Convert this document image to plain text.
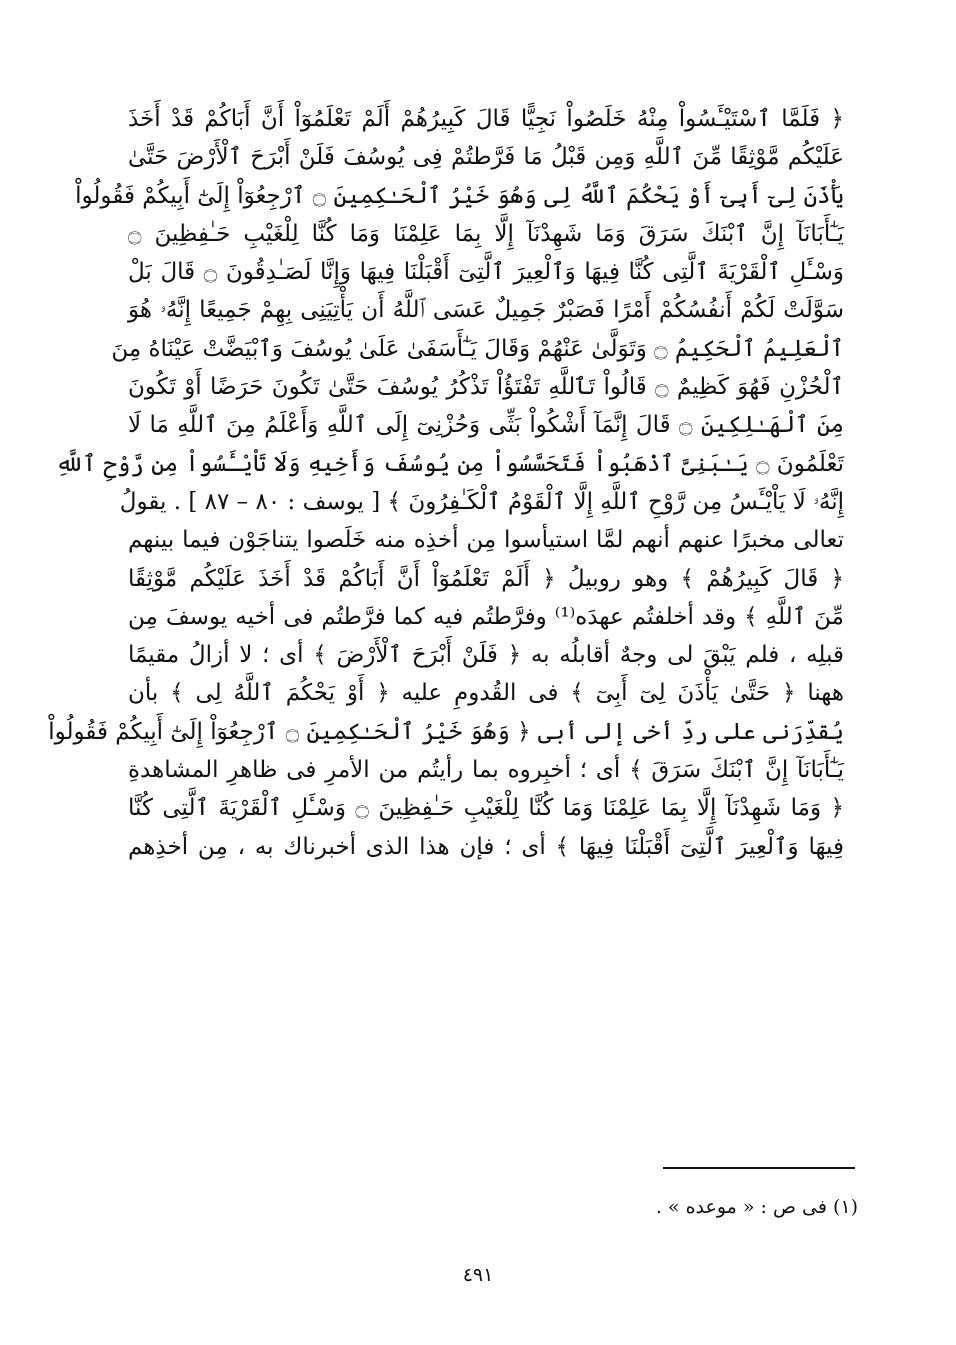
﴿ فَلَمَّا ٱسْتَيْـَٔسُواْ مِنْهُ خَلَصُواْ نَجِيًّا قَالَ كَبِيرُهُمْ أَلَمْ تَعْلَمُوٓاْ أَنَّ أَبَاكُمْ قَدْ أَخَذَ
عَلَيْكُم مَّوْثِقًا مِّنَ ٱللَّهِ وَمِن قَبْلُ مَا فَرَّطتُمْ فِى يُوسُفَ فَلَنْ أَبْرَحَ ٱلْأَرْضَ حَتَّىٰ
يَأْذَنَ لِىٓ أَبِىٓ أَوْ يَحْكُمَ ٱللَّهُ لِى وَهُوَ خَيْرُ ٱلْحَـٰكِمِينَ ۝ ٱرْجِعُوٓاْ إِلَىٰٓ أَبِيكُمْ فَقُولُواْ
يَـٰٓأَبَانَآ إِنَّ ٱبْنَكَ سَرَقَ وَمَا شَهِدْنَآ إِلَّا بِمَا عَلِمْنَا وَمَا كُنَّا لِلْغَيْبِ حَـٰفِظِينَ ۝
وَسْـَٔلِ ٱلْقَرْيَةَ ٱلَّتِى كُنَّا فِيهَا وَٱلْعِيرَ ٱلَّتِىٓ أَقْبَلْنَا فِيهَا وَإِنَّا لَصَـٰدِقُونَ ۝ قَالَ بَلْ
سَوَّلَتْ لَكُمْ أَنفُسُكُمْ أَمْرًا فَصَبْرٌ جَمِيلٌ عَسَى ٱللَّهُ أَن يَأْتِيَنِى بِهِمْ جَمِيعًا إِنَّهُۥ هُوَ
ٱلْعَلِيمُ ٱلْحَكِيمُ ۝ وَتَوَلَّىٰ عَنْهُمْ وَقَالَ يَـٰٓأَسَفَىٰ عَلَىٰ يُوسُفَ وَٱبْيَضَّتْ عَيْنَاهُ مِنَ
ٱلْحُزْنِ فَهُوَ كَظِيمٌ ۝ قَالُواْ تَٱللَّهِ تَفْتَؤُاْ تَذْكُرُ يُوسُفَ حَتَّىٰ تَكُونَ حَرَضًا أَوْ تَكُونَ
مِنَ ٱلْهَـٰلِكِينَ ۝ قَالَ إِنَّمَآ أَشْكُواْ بَثِّى وَحُزْنِىٓ إِلَى ٱللَّهِ وَأَعْلَمُ مِنَ ٱللَّهِ مَا لَا
تَعْلَمُونَ ۝ يَـٰبَنِىَّ ٱذْهَبُواْ فَتَحَسَّسُواْ مِن يُوسُفَ وَأَخِيهِ وَلَا تَاْيْـَٔسُواْ مِن رَّوْحِ ٱللَّهِ
إِنَّهُۥ لَا يَاْيْـَٔسُ مِن رَّوْحِ ٱللَّهِ إِلَّا ٱلْقَوْمُ ٱلْكَـٰفِرُونَ ﴾ [ يوسف : ٨٠ – ٨٧ ] . يقولُ
تعالى مخبرًا عنهم أنهم لمَّا استيأسوا مِن أخذِه منه خَلَصوا يتناجَوْن فيما بينهم
﴿ قَالَ كَبِيرُهُمْ ﴾ وهو روبيلُ ﴿ أَلَمْ تَعْلَمُوٓاْ أَنَّ أَبَاكُمْ قَدْ أَخَذَ عَلَيْكُم مَّوْثِقًا
مِّنَ ٱللَّهِ ﴾ وقد أخلفتُم عهدَه⁽¹⁾ وفرَّطتُم فيه كما فرَّطتُم فى أخيه يوسفَ مِن
قبلِه ، فلم يَبْقَ لى وجهٌ أقابلُه به ﴿ فَلَنْ أَبْرَحَ ٱلْأَرْضَ ﴾ أى ؛ لا أزالُ مقيمًا
ههنا ﴿ حَتَّىٰ يَأْذَنَ لِىٓ أَبِىٓ ﴾ فى القُدومِ عليه ﴿ أَوْ يَحْكُمَ ٱللَّهُ لِى ﴾ بأن
يُقدِّرَنى على ردِّ أخى إلى أبى ﴿ وَهُوَ خَيْرُ ٱلْحَـٰكِمِينَ ۝ ٱرْجِعُوٓاْ إِلَىٰٓ أَبِيكُمْ فَقُولُواْ
يَـٰٓأَبَانَآ إِنَّ ٱبْنَكَ سَرَقَ ﴾ أى ؛ أخبِروه بما رأيتُم من الأمرِ فى ظاهرِ المشاهدةِ
﴿ وَمَا شَهِدْنَآ إِلَّا بِمَا عَلِمْنَا وَمَا كُنَّا لِلْغَيْبِ حَـٰفِظِينَ ۝ وَسْـَٔلِ ٱلْقَرْيَةَ ٱلَّتِى كُنَّا
فِيهَا وَٱلْعِيرَ ٱلَّتِىٓ أَقْبَلْنَا فِيهَا ﴾ أى ؛ فإن هذا الذى أخبرناك به ، مِن أخذِهم
(١) فى ص : « موعده » .
٤٩١
